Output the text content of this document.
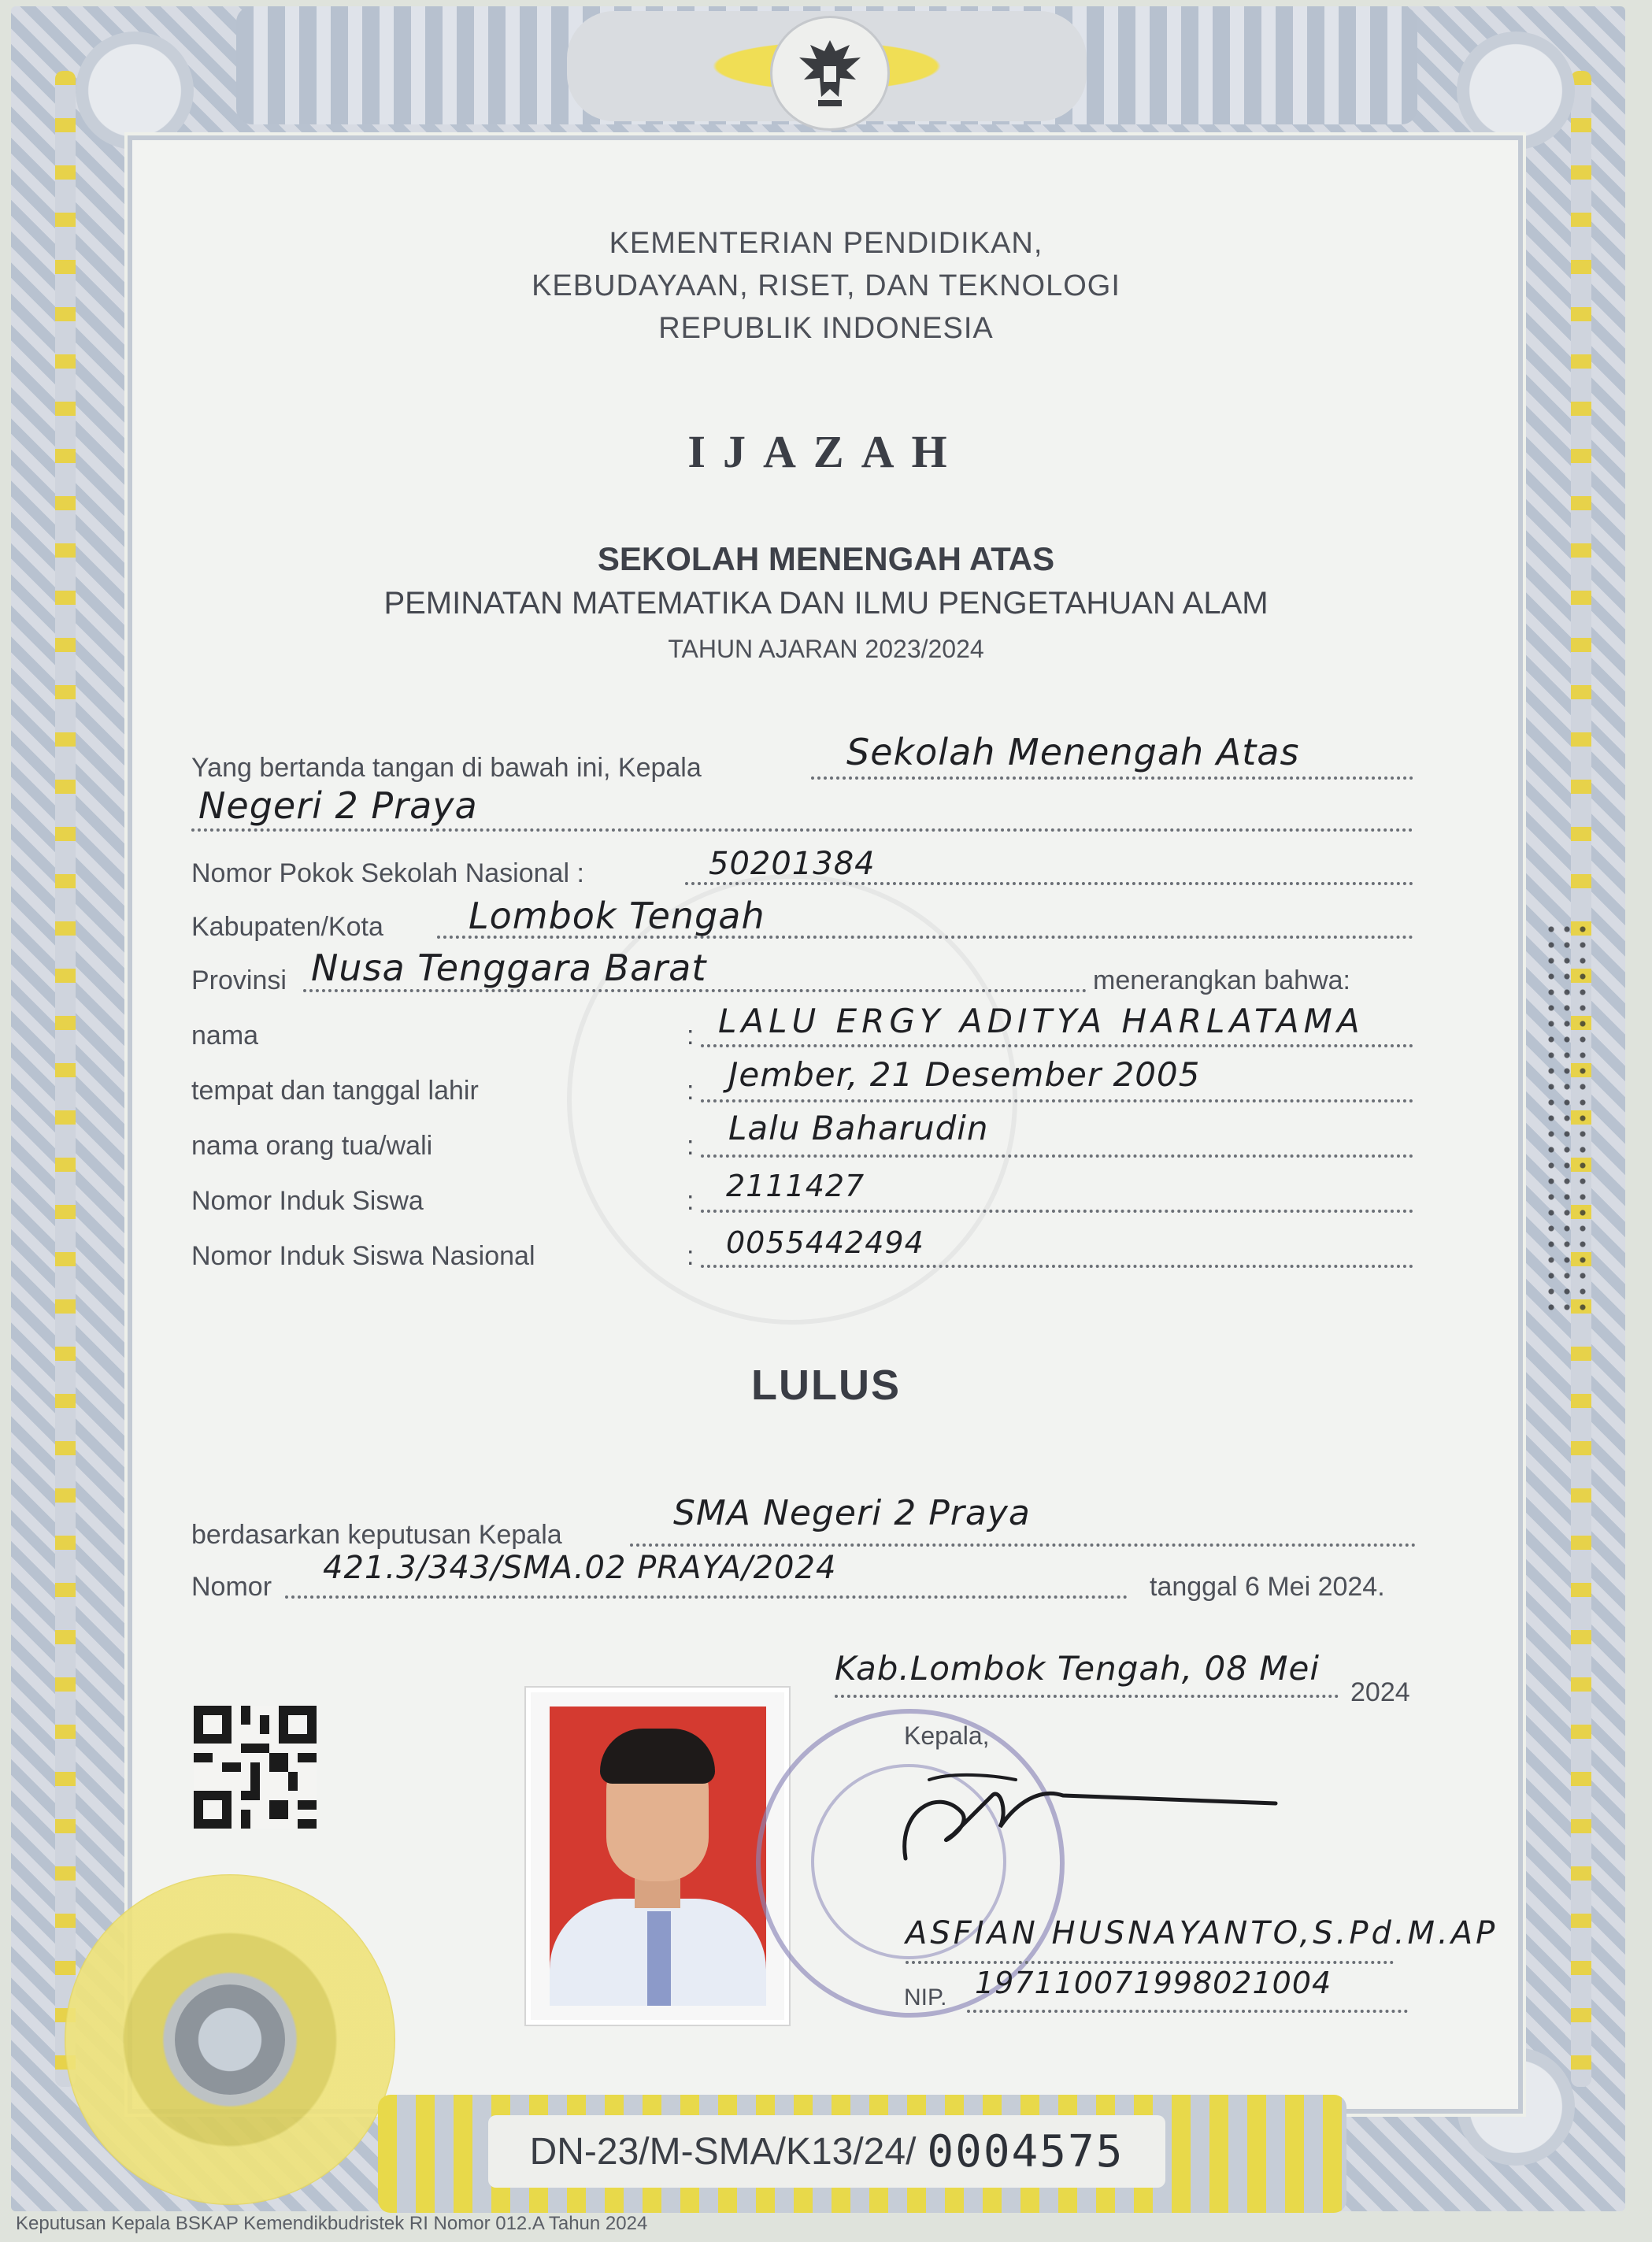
KEMENTERIAN PENDIDIKAN,
KEBUDAYAAN, RISET, DAN TEKNOLOGI
REPUBLIK INDONESIA
IJAZAH
SEKOLAH MENENGAH ATAS
PEMINATAN MATEMATIKA DAN ILMU PENGETAHUAN ALAM
TAHUN AJARAN 2023/2024
Yang bertanda tangan di bawah ini, Kepala	Sekolah Menengah Atas
Negeri 2 Praya
Nomor Pokok Sekolah Nasional :	50201384
Kabupaten/Kota Lombok Tengah
Provinsi Nusa Tenggara Barat	menerangkan bahwa:
nama	: LALU ERGY ADITYA HARLATAMA
tempat dan tanggal lahir	: Jember, 21 Desember 2005
nama orang tua/wali	: Lalu Baharudin
Nomor Induk Siswa	: 2111427
Nomor Induk Siswa Nasional	: 0055442494
LULUS
berdasarkan keputusan Kepala
SMA Negeri 2 Praya
Nomor
421.3/343/SMA.02 PRAYA/2024
tanggal 6 Mei 2024.
Kab.Lombok Tengah, 08 Mei
2024
Kepala,
ASFIAN HUSNAYANTO,S.Pd.M.AP
NIP. 197110071998021004
DN-23/M-SMA/K13/24/ 0004575
Keputusan Kepala BSKAP Kemendikbudristek RI Nomor 012.A Tahun 2024
